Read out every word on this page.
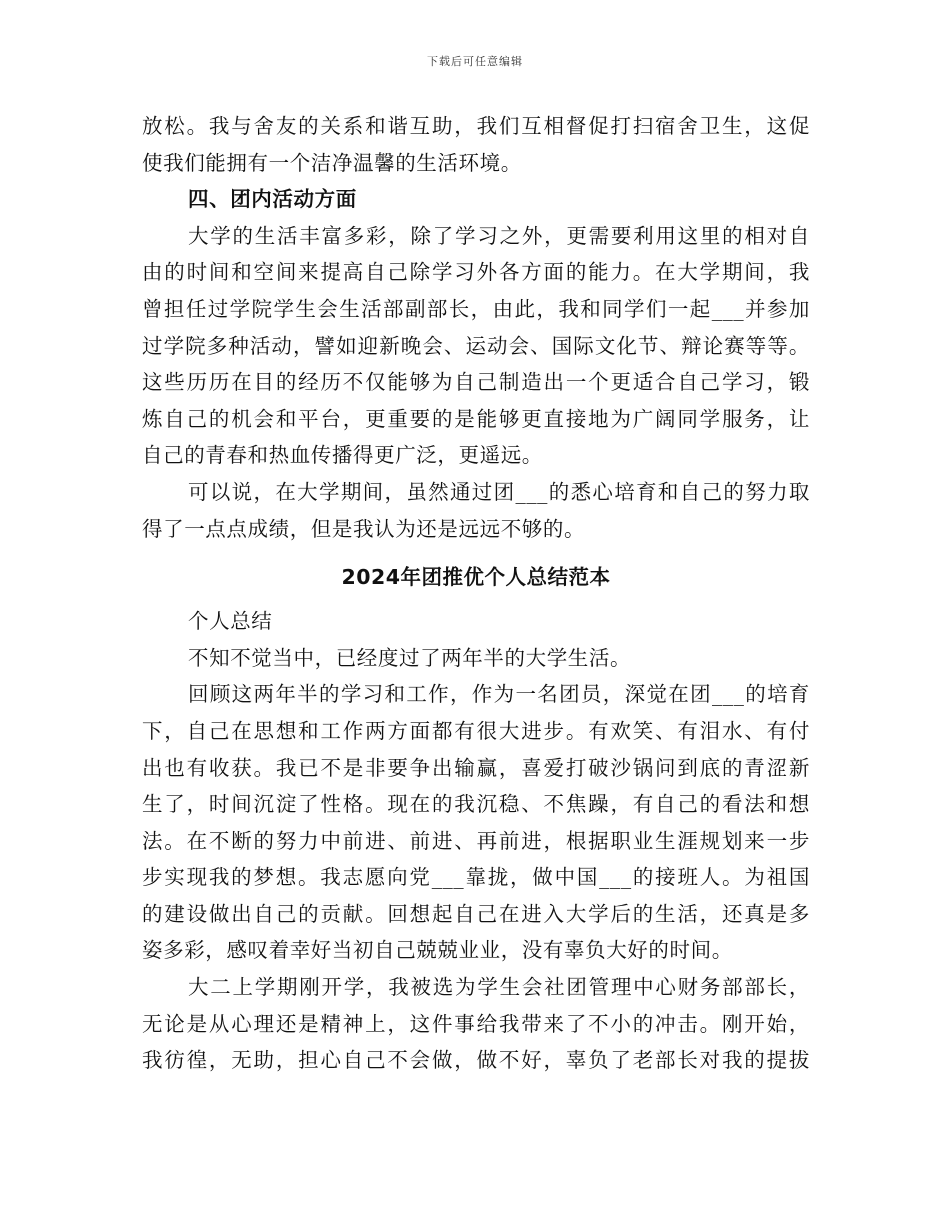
下载后可任意编辑
放松。我与舍友的关系和谐互助，我们互相督促打扫宿舍卫生，这促
使我们能拥有一个洁净温馨的生活环境。
四、团内活动方面
大学的生活丰富多彩，除了学习之外，更需要利用这里的相对自
由的时间和空间来提高自己除学习外各方面的能力。在大学期间，我
曾担任过学院学生会生活部副部长，由此，我和同学们一起___并参加
过学院多种活动，譬如迎新晚会、运动会、国际文化节、辩论赛等等。
这些历历在目的经历不仅能够为自己制造出一个更适合自己学习，锻
炼自己的机会和平台，更重要的是能够更直接地为广阔同学服务，让
自己的青春和热血传播得更广泛，更遥远。
可以说，在大学期间，虽然通过团___的悉心培育和自己的努力取
得了一点点成绩，但是我认为还是远远不够的。
2024年团推优个人总结范本
个人总结
不知不觉当中，已经度过了两年半的大学生活。
回顾这两年半的学习和工作，作为一名团员，深觉在团___的培育
下，自己在思想和工作两方面都有很大进步。有欢笑、有泪水、有付
出也有收获。我已不是非要争出输赢，喜爱打破沙锅问到底的青涩新
生了，时间沉淀了性格。现在的我沉稳、不焦躁，有自己的看法和想
法。在不断的努力中前进、前进、再前进，根据职业生涯规划来一步
步实现我的梦想。我志愿向党___靠拢，做中国___的接班人。为祖国
的建设做出自己的贡献。回想起自己在进入大学后的生活，还真是多
姿多彩，感叹着幸好当初自己兢兢业业，没有辜负大好的时间。
大二上学期刚开学，我被选为学生会社团管理中心财务部部长，
无论是从心理还是精神上，这件事给我带来了不小的冲击。刚开始，
我彷徨，无助，担心自己不会做，做不好，辜负了老部长对我的提拔
